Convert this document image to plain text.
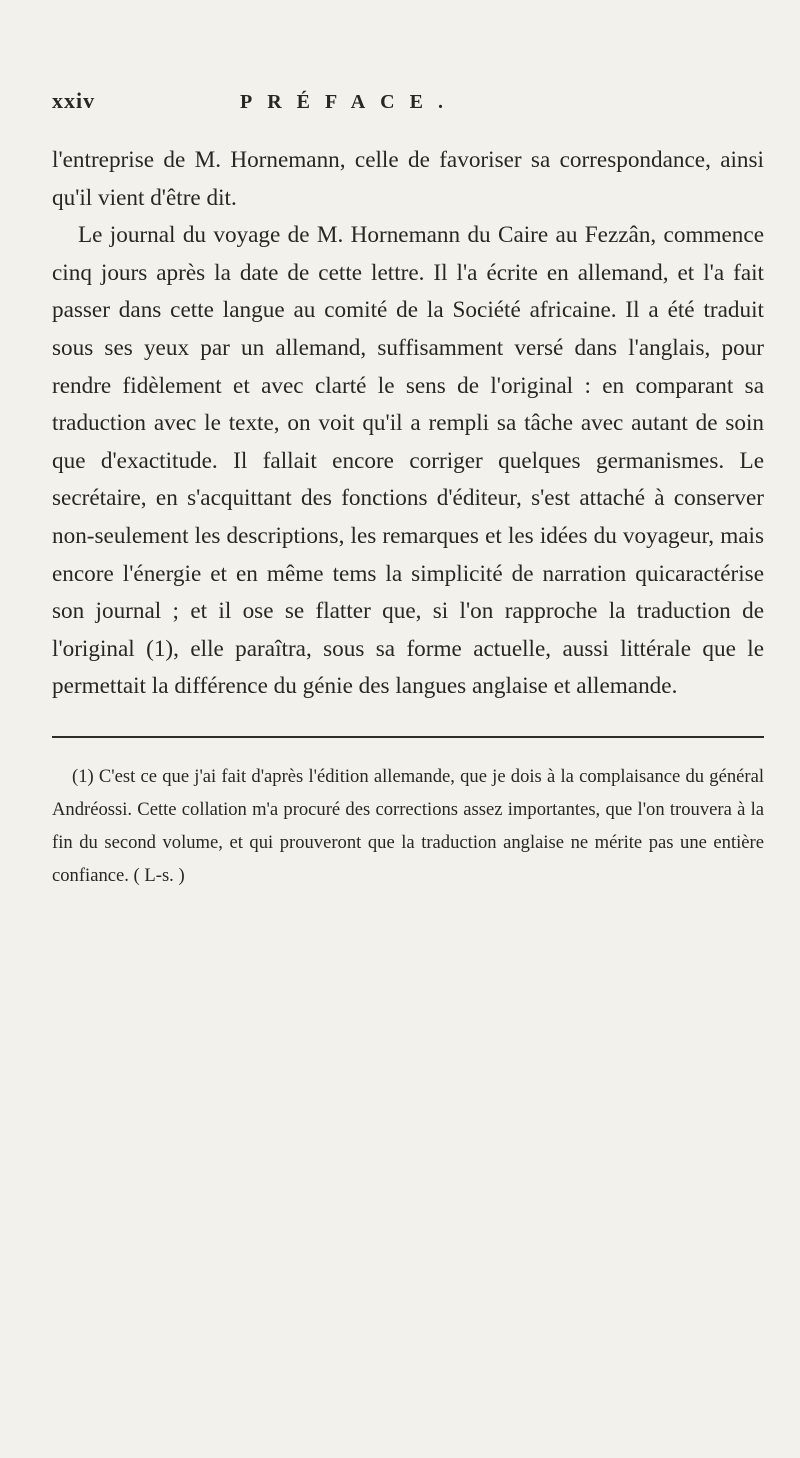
xxiv	PRÉFACE.

l'entreprise de M. Hornemann, celle de favoriser sa correspondance, ainsi qu'il vient d'être dit.

Le journal du voyage de M. Hornemann du Caire au Fezzân, commence cinq jours après la date de cette lettre. Il l'a écrite en allemand, et l'a fait passer dans cette langue au comité de la Société africaine. Il a été traduit sous ses yeux par un allemand, suffisamment versé dans l'anglais, pour rendre fidèlement et avec clarté le sens de l'original : en comparant sa traduction avec le texte, on voit qu'il a rempli sa tâche avec autant de soin que d'exactitude. Il fallait encore corriger quelques germanismes. Le secrétaire, en s'acquittant des fonctions d'éditeur, s'est attaché à conserver non-seulement les descriptions, les remarques et les idées du voyageur, mais encore l'énergie et en même tems la simplicité de narration quicaractérise son journal ; et il ose se flatter que, si l'on rapproche la traduction de l'original (1), elle paraîtra, sous sa forme actuelle, aussi littérale que le permettait la différence du génie des langues anglaise et allemande.

(1) C'est ce que j'ai fait d'après l'édition allemande, que je dois à la complaisance du général Andréossi. Cette collation m'a procuré des corrections assez importantes, que l'on trouvera à la fin du second volume, et qui prouveront que la traduction anglaise ne mérite pas une entière confiance. ( L-s. )
